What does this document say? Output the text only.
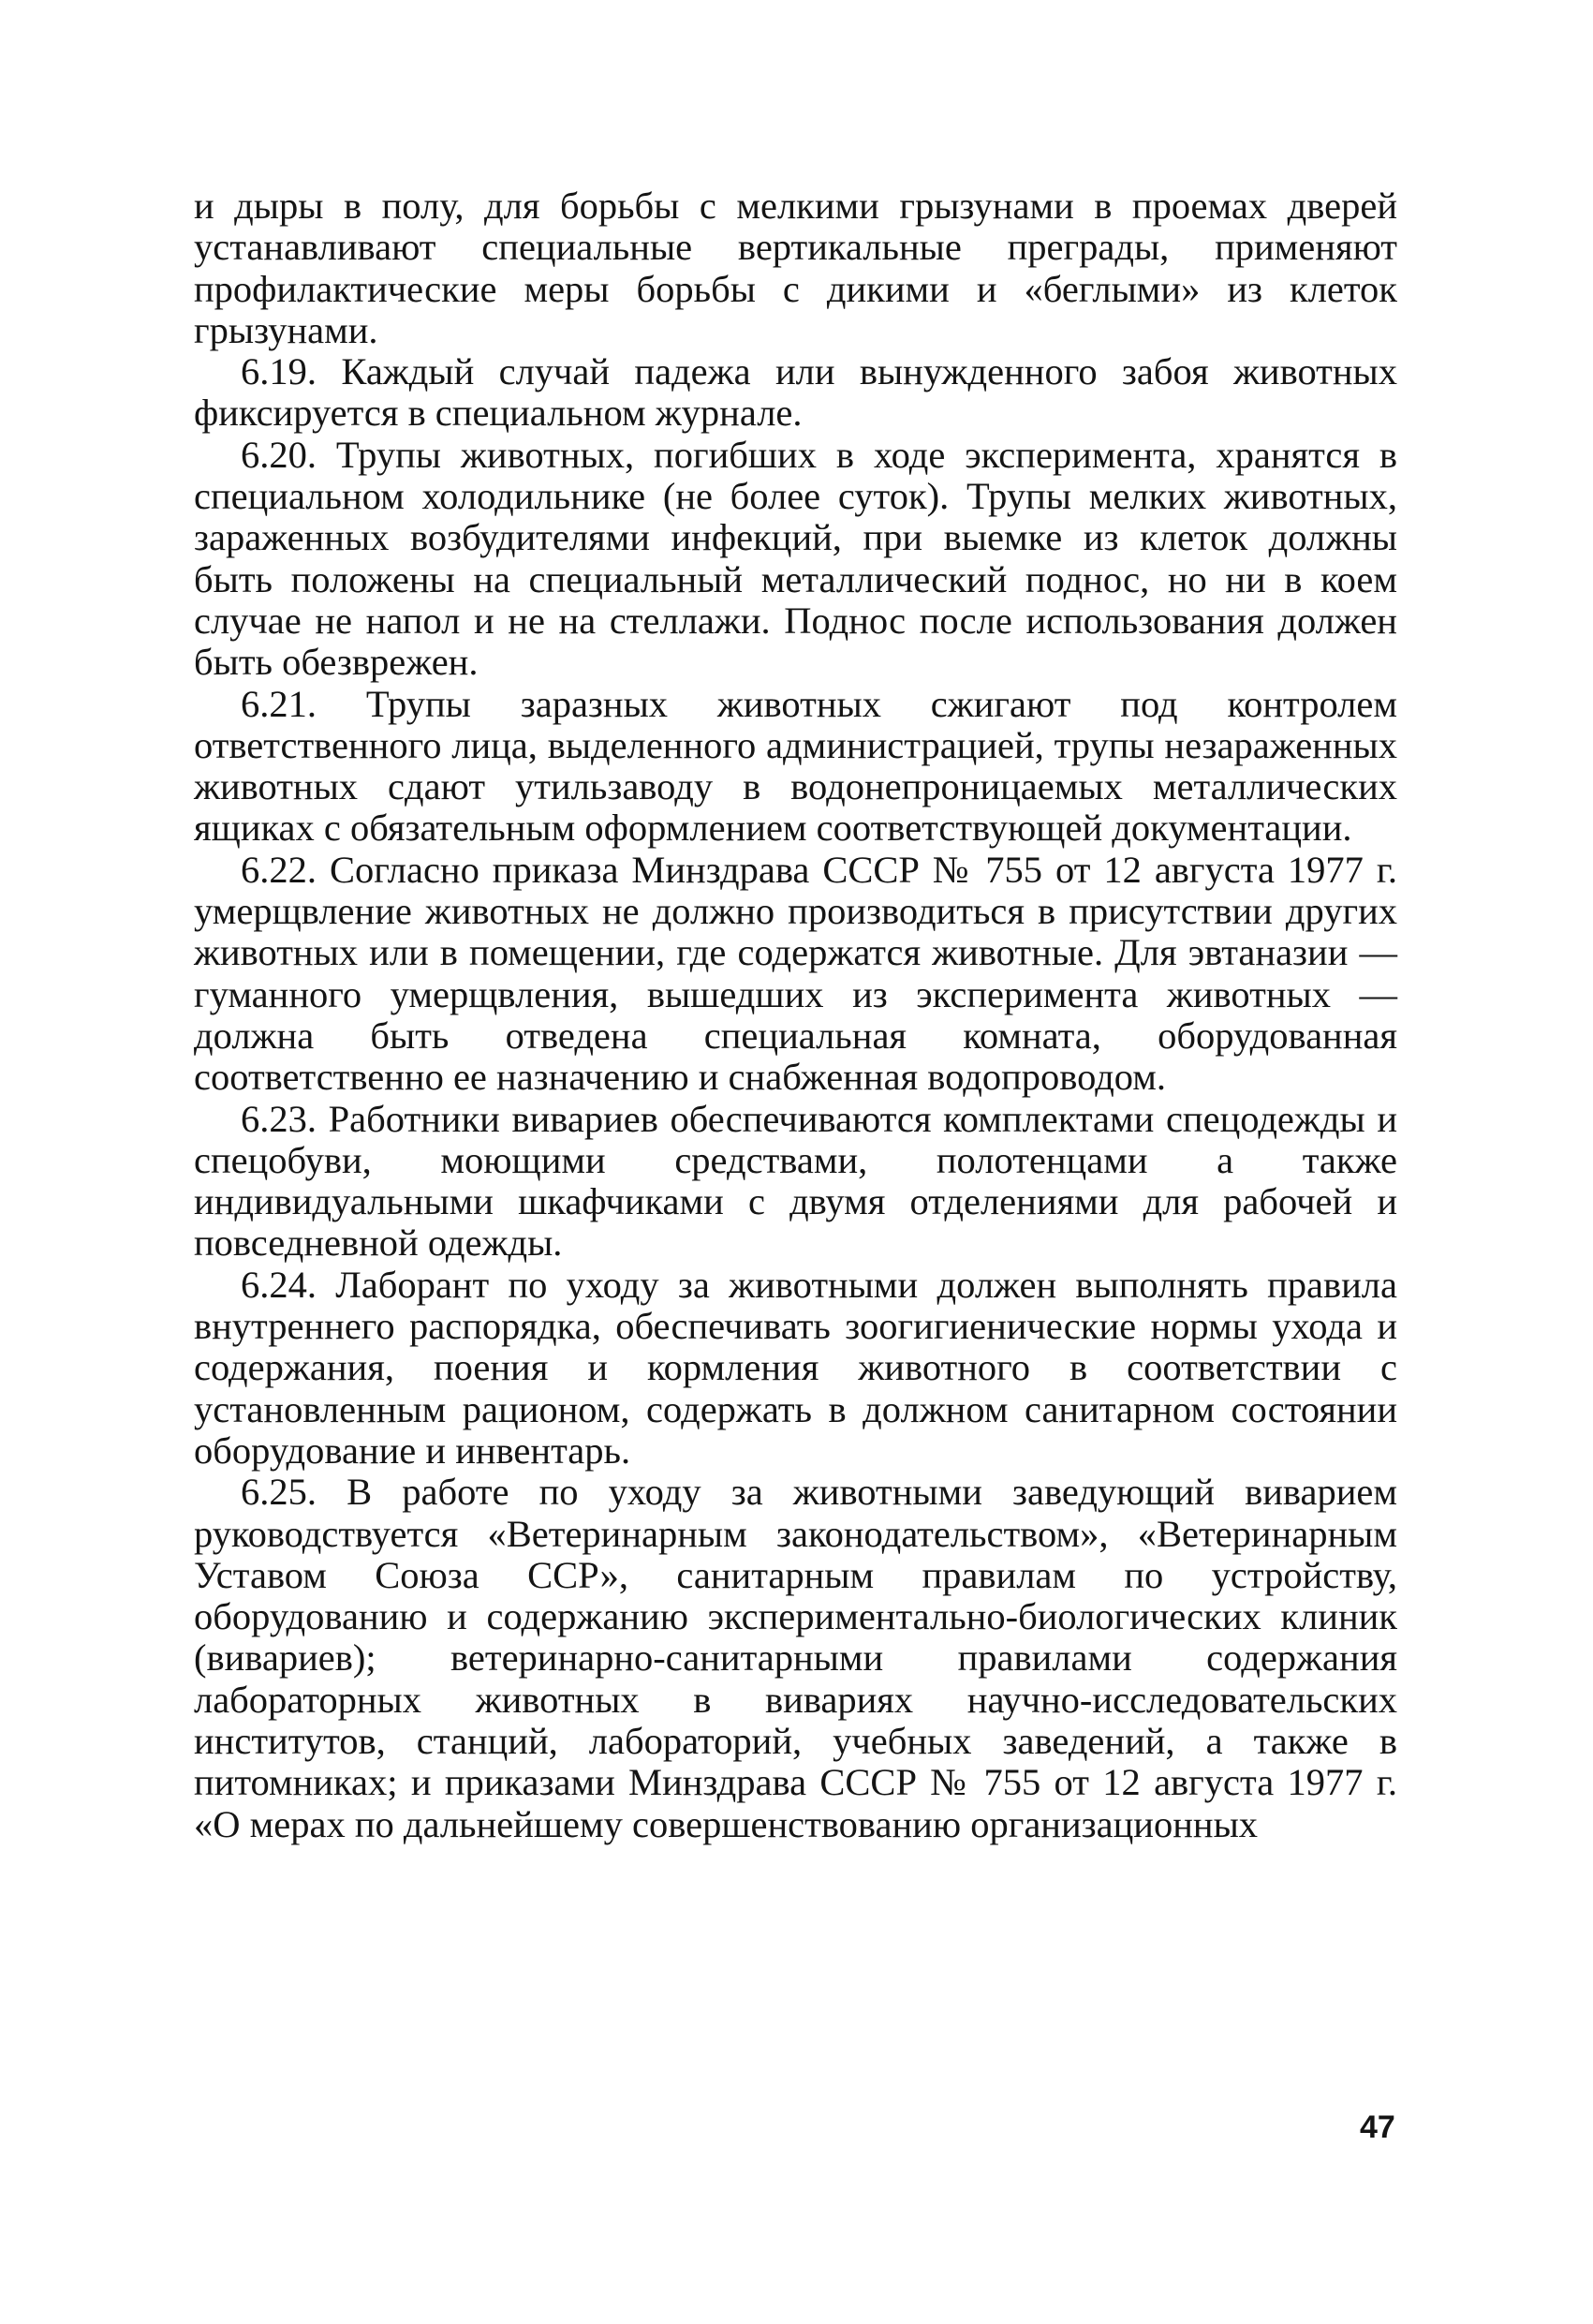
и дыры в полу, для борьбы с мелкими грызунами в проемах дверей устанавливают специальные вертикальные преграды, применяют профилактические меры борьбы с дикими и «беглыми» из клеток грызунами.

6.19. Каждый случай падежа или вынужденного забоя животных фиксируется в специальном журнале.

6.20. Трупы животных, погибших в ходе эксперимента, хранятся в специальном холодильнике (не более суток). Трупы мелких животных, зараженных возбудителями инфекций, при выемке из клеток должны быть положены на специальный металлический поднос, но ни в коем случае не напол и не на стеллажи. Поднос после использования должен быть обезврежен.

6.21. Трупы заразных животных сжигают под контролем ответственного лица, выделенного администрацией, трупы незараженных животных сдают утильзаводу в водонепроницаемых металлических ящиках с обязательным оформлением соответствующей документации.

6.22. Согласно приказа Минздрава СССР № 755 от 12 августа 1977 г. умерщвление животных не должно производиться в присутствии других животных или в помещении, где содержатся животные. Для эвтаназии — гуманного умерщвления, вышедших из эксперимента животных — должна быть отведена специальная комната, оборудованная соответственно ее назначению и снабженная водопроводом.

6.23. Работники вивариев обеспечиваются комплектами спецодежды и спецобуви, моющими средствами, полотенцами а также индивидуальными шкафчиками с двумя отделениями для рабочей и повседневной одежды.

6.24. Лаборант по уходу за животными должен выполнять правила внутреннего распорядка, обеспечивать зоогигиенические нормы ухода и содержания, поения и кормления животного в соответствии с установленным рационом, содержать в должном санитарном состоянии оборудование и инвентарь.

6.25. В работе по уходу за животными заведующий виварием руководствуется «Ветеринарным законодательством», «Ветеринарным Уставом Союза ССР», санитарным правилам по устройству, оборудованию и содержанию экспериментально-биологических клиник (вивариев); ветеринарно-санитарными правилами содержания лабораторных животных в вивариях научно-исследовательских институтов, станций, лабораторий, учебных заведений, а также в питомниках; и приказами Минздрава СССР № 755 от 12 августа 1977 г. «О мерах по дальнейшему совершенствованию организационных

47
